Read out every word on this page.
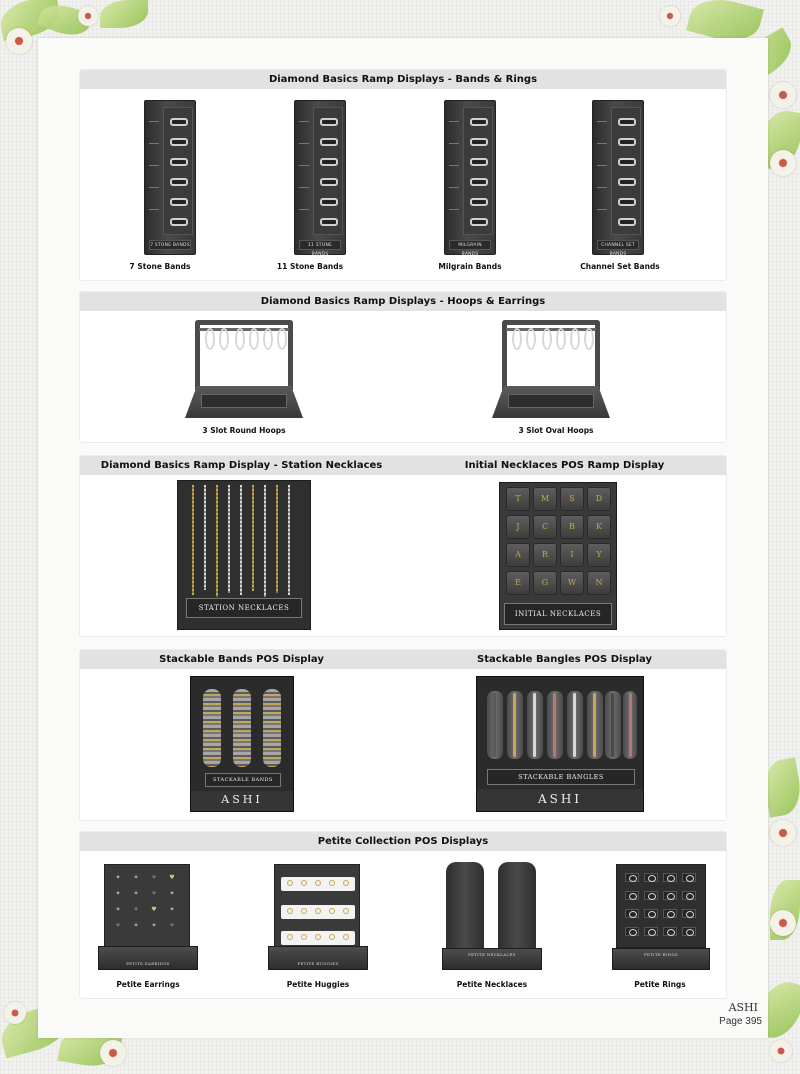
Diamond Basics Ramp Displays - Bands & Rings
7 STONE BANDS
7 Stone Bands
11 STONE BANDS
11 Stone Bands
MILGRAIN BANDS
Milgrain Bands
CHANNEL SET BANDS
Channel Set Bands
Diamond Basics Ramp Displays - Hoops & Earrings
3 Slot Round Hoops	3 Slot Oval Hoops
Diamond Basics Ramp Display - Station Necklaces	Initial Necklaces POS Ramp Display
STATION NECKLACES
T	M	S	D
J	C	B	K
A	R	I	Y
E	G	W	N
INITIAL NECKLACES
Stackable Bands POS Display	Stackable Bangles POS Display
STACKABLE BANDS
ASHI
STACKABLE BANGLES
ASHI
Petite Collection POS Displays
✦ ✶ ✧ ♥
✦ ✶ ✧ ✦
✶ ✧ ♥ ✦
✧ ✶ ✦ ✧
PETITE EARRINGS
Petite Earrings
PETITE HUGGIES
Petite Huggies
PETITE NECKLACES
Petite Necklaces
PETITE RINGS
Petite Rings
ASHI
Page 395
